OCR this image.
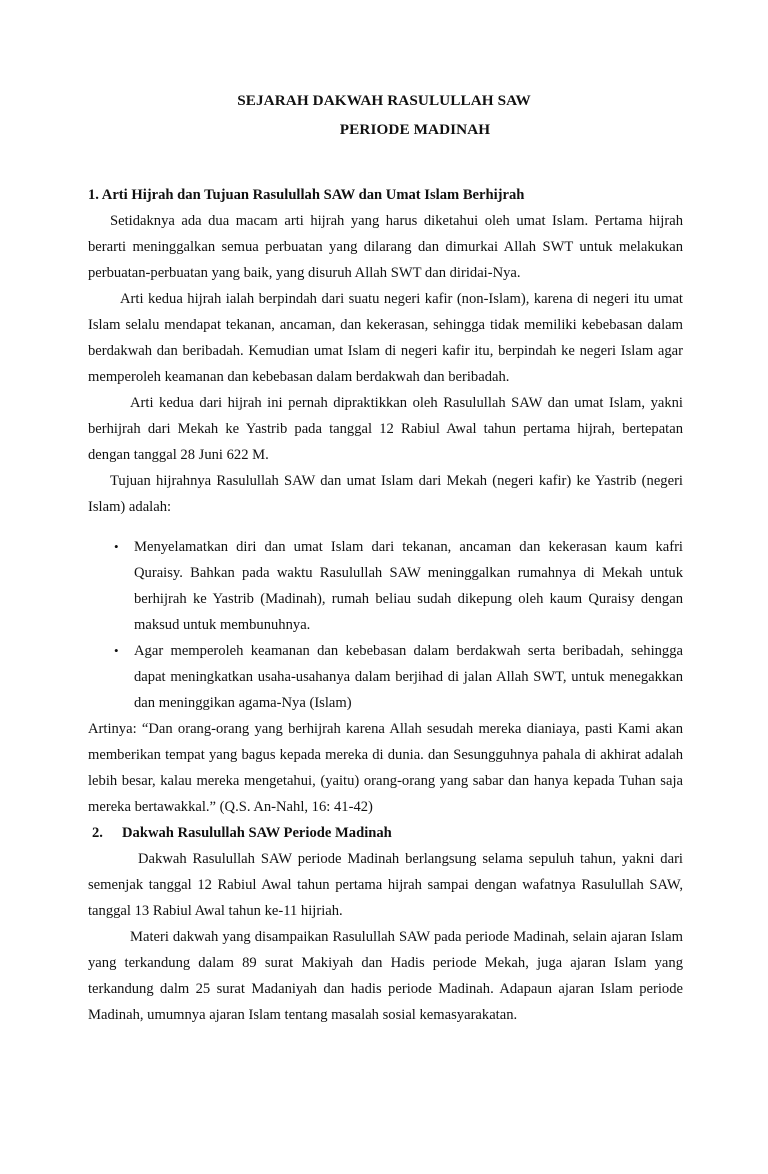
SEJARAH DAKWAH RASULULLAH SAW
PERIODE MADINAH
1. Arti Hijrah dan Tujuan Rasulullah SAW dan Umat Islam Berhijrah

Setidaknya ada dua macam arti hijrah yang harus diketahui oleh umat Islam. Pertama hijrah berarti meninggalkan semua perbuatan yang dilarang dan dimurkai Allah SWT untuk melakukan perbuatan-perbuatan yang baik, yang disuruh Allah SWT dan diridai-Nya.

Arti kedua hijrah ialah berpindah dari suatu negeri kafir (non-Islam), karena di negeri itu umat Islam selalu mendapat tekanan, ancaman, dan kekerasan, sehingga tidak memiliki kebebasan dalam berdakwah dan beribadah. Kemudian umat Islam di negeri kafir itu, berpindah ke negeri Islam agar memperoleh keamanan dan kebebasan dalam berdakwah dan beribadah.

Arti kedua dari hijrah ini pernah dipraktikkan oleh Rasulullah SAW dan umat Islam, yakni berhijrah dari Mekah ke Yastrib pada tanggal 12 Rabiul Awal tahun pertama hijrah, bertepatan dengan tanggal 28 Juni 622 M.

Tujuan hijrahnya Rasulullah SAW dan umat Islam dari Mekah (negeri kafir) ke Yastrib (negeri Islam) adalah:

• Menyelamatkan diri dan umat Islam dari tekanan, ancaman dan kekerasan kaum kafri Quraisy. Bahkan pada waktu Rasulullah SAW meninggalkan rumahnya di Mekah untuk berhijrah ke Yastrib (Madinah), rumah beliau sudah dikepung oleh kaum Quraisy dengan maksud untuk membunuhnya.
• Agar memperoleh keamanan dan kebebasan dalam berdakwah serta beribadah, sehingga dapat meningkatkan usaha-usahanya dalam berjihad di jalan Allah SWT, untuk menegakkan dan meninggikan agama-Nya (Islam)

Artinya: “Dan orang-orang yang berhijrah karena Allah sesudah mereka dianiaya, pasti Kami akan memberikan tempat yang bagus kepada mereka di dunia. dan Sesungguhnya pahala di akhirat adalah lebih besar, kalau mereka mengetahui, (yaitu) orang-orang yang sabar dan hanya kepada Tuhan saja mereka bertawakkal.” (Q.S. An-Nahl, 16: 41-42)

2. Dakwah Rasulullah SAW Periode Madinah

Dakwah Rasulullah SAW periode Madinah berlangsung selama sepuluh tahun, yakni dari semenjak tanggal 12 Rabiul Awal tahun pertama hijrah sampai dengan wafatnya Rasulullah SAW, tanggal 13 Rabiul Awal tahun ke-11 hijriah.

Materi dakwah yang disampaikan Rasulullah SAW pada periode Madinah, selain ajaran Islam yang terkandung dalam 89 surat Makiyah dan Hadis periode Mekah, juga ajaran Islam yang terkandung dalm 25 surat Madaniyah dan hadis periode Madinah. Adapaun ajaran Islam periode Madinah, umumnya ajaran Islam tentang masalah sosial kemasyarakatan.
